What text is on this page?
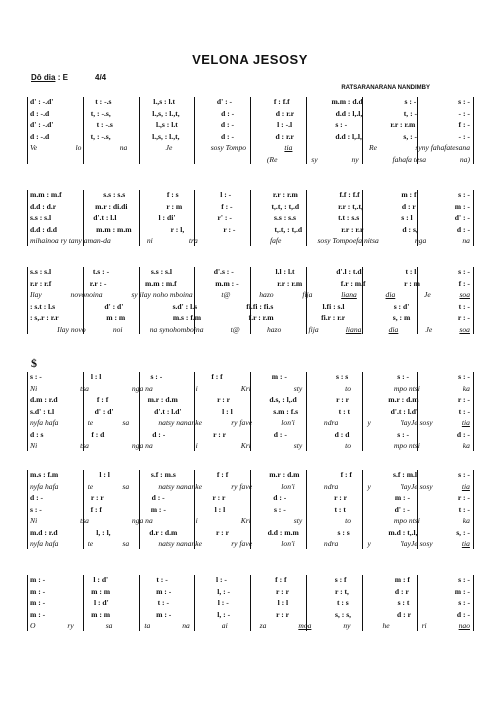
VELONA JESOSY
Dô dia : E	4/4
RATSARANARANA NANDIMBY
$
d' : -.d'	t : -.s	l.,s : l.t	d' : -	f : f.f	m.m : d.d	s : -	s : -
d : -.d	t, : -.s,	l.,s, : l.,t,	d : -	d : r.r	d.d : l,.l,	t, : -	- : -
d' : -.d'	t : -.s	l.,s : l.t	d : -	l : -.l	s : -	r.r : r.m	f : -
d : -.d	t, : -.s,	l.,s, : l.,t,	d : -	d : r.r	d.d : l,.l,	s, : -	- : -
Ve	lo	na	Je	sosy Tompo	tia	Re	syny fahafatesana
(Re	sy	ny	fahafa tesa	na)
m.m : m.f	s.s : s.s	f : s	l : -	r.r : r.m	f.f : f.f	m : f	s : -
d.d : d.r	m.r : di.di	r : m	f : -	t,.t, : t,.d	r.r : t,.t,	d : r	m : -
s.s : s.l	d'.t : l.l	l : di'	r' : -	s.s : s.s	t.t : s.s	s : l	d' : -
d.d : d.d	m.m : m.m	r : l,	r : -	t,.t, : t,.d	r.r : r.r	d : s,	d : -
mihainoa ry tany aman-da	ni	tra	fafe	sosy Tompoefa nitsa	nga	na
s.s : s.l	t.s : -	s.s : s.l	d'.s : -	l.l : l.t	d'.l : t.d'	t : l	s : -
r.r : r.f	r.r : -	m.m : m.f	m.m : -	r.r : r.m	f.r : m.f	r : m	f : -
Ilay	novonoina	sy ilay noho mboina	t@	hazo	fija	liana	dia	Je	soa
: s.t : l.s	d' : d'	s.d' : l.s	fi.fi : fi.s	l.fi : s.l	s : d'	t : -
: s,.r : r.r	m : m	m.s : f.m	f.r : r.m	fi.r : r.r	s, : m	r : -
Ilay novo	noi	na synohomboina	t@	hazo	fija	liana	dia	Je	soa
s : -	l : l	s : -	f : f	m : -	s : s	s : -	s : -
Ni	tsa	nga na	i	Kri	sty	to	mpo ntsi	ka
d.m : r.d	f : f	m.r : d.m	r : r	d.s, : l,.d	r : r	m.r : d.m	r : -
s.d' : t.l	d' : d'	d'.t : l.d'	l : l	s.m : f.s	t : t	d'.t : l.d'	t : -
nyfa hafa	te	sa	natsy nananke	ry fave	lon'i	ndra	y	'layJe sosy	tia
d : s	f : d	d : -	r : r	d : -	d : d	s : -	d : -
Ni	tsa	nga na	i	Kri	sty	to	mpo ntsi	ka
m.s : f.m	l : l	s.f : m.s	f : f	m.r : d.m	f : f	s.f : m.l	s : -
nyfa hafa	te	sa	natsy nananke	ry fave	lon'i	ndra	y	'layJe sosy	tia
d : -	r : r	d : -	r : r	d : -	r : r	m : -	r : -
s : -	f : f	m : -	l : l	s : -	t : t	d' : -	t : -
Ni	tsa	nga na	i	Kri	sty	to	mpo ntsi	ka
m.d : r.d	l, : l,	d.r : d.m	r : r	d.d : m.m	s : s	m.d : t,.l,	s, : -
nyfa hafa	te	sa	natsy nananke	ry fave	lon'i	ndra	y	'layJe sosy	tia
m : -	l : d'	t : -	l : -	f : f	s : f	m : f	s : -
m : -	m : m	m : -	l, : -	r : r	r : t,	d : r	m : -
m : -	l : d'	t : -	l : -	l : l	t : s	s : t	s : -
m : -	m : m	m : -	l, : -	r : r	s, : s,	d : r	d : -
O	ry	sa	ta	na	ai	za	moa	ny	he	ri	nao
